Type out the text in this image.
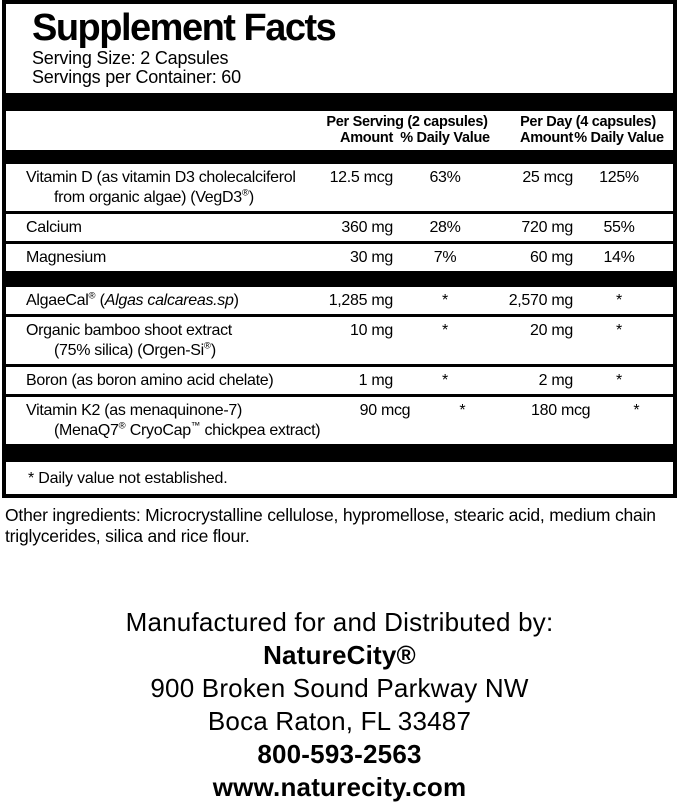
Supplement Facts
Serving Size: 2 Capsules
Servings per Container: 60
Per Serving (2 capsules)	Per Day (4 capsules)
Amount % Daily Value	Amount % Daily Value
Vitamin D (as vitamin D3 cholecalciferol
from organic algae) (VegD3®)
12.5 mcg	63%	25 mcg	125%
Calcium	360 mg	28%	720 mg	55%
Magnesium	30 mg	7%	60 mg	14%
AlgaeCal® (Algas calcareas.sp)	1,285 mg	*	2,570 mg	*
Organic bamboo shoot extract
(75% silica) (Orgen-Si®)
10 mg	*	20 mg	*
Boron (as boron amino acid chelate)	1 mg	*	2 mg	*
Vitamin K2 (as menaquinone-7)
(MenaQ7® CryoCap™ chickpea extract)
90 mcg	*	180 mcg	*
* Daily value not established.
Other ingredients: Microcrystalline cellulose, hypromellose, stearic acid, medium chain triglycerides, silica and rice flour.
Manufactured for and Distributed by:
NatureCity®
900 Broken Sound Parkway NW
Boca Raton, FL 33487
800-593-2563
www.naturecity.com
